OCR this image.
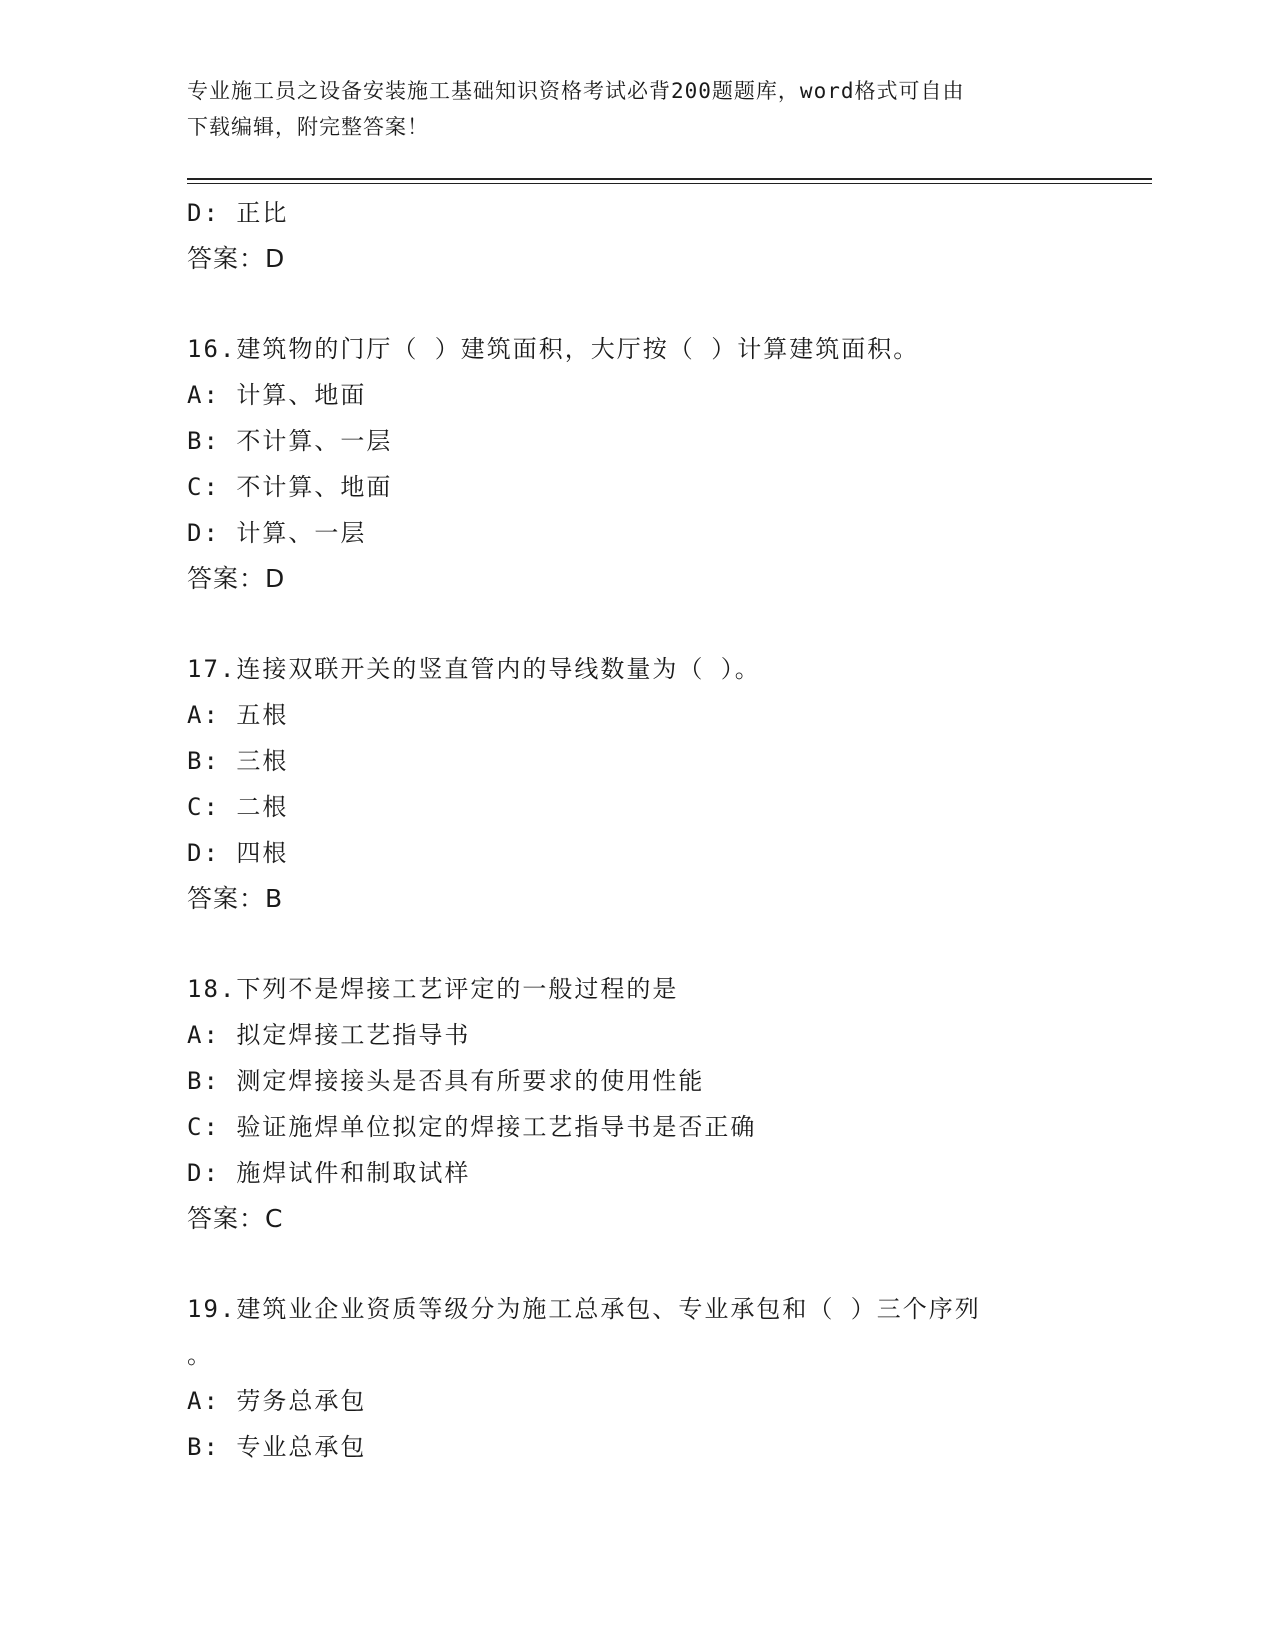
专业施工员之设备安装施工基础知识资格考试必背200题题库，word格式可自由
下载编辑，附完整答案！
D: 正比
答案：D
16.建筑物的门厅（ ）建筑面积，大厅按（ ）计算建筑面积。
A: 计算、地面
B: 不计算、一层
C: 不计算、地面
D: 计算、一层
答案：D
17.连接双联开关的竖直管内的导线数量为（ ）。
A: 五根
B: 三根
C: 二根
D: 四根
答案：B
18.下列不是焊接工艺评定的一般过程的是
A: 拟定焊接工艺指导书
B: 测定焊接接头是否具有所要求的使用性能
C: 验证施焊单位拟定的焊接工艺指导书是否正确
D: 施焊试件和制取试样
答案：C
19.建筑业企业资质等级分为施工总承包、专业承包和（ ）三个序列
。
A: 劳务总承包
B: 专业总承包
